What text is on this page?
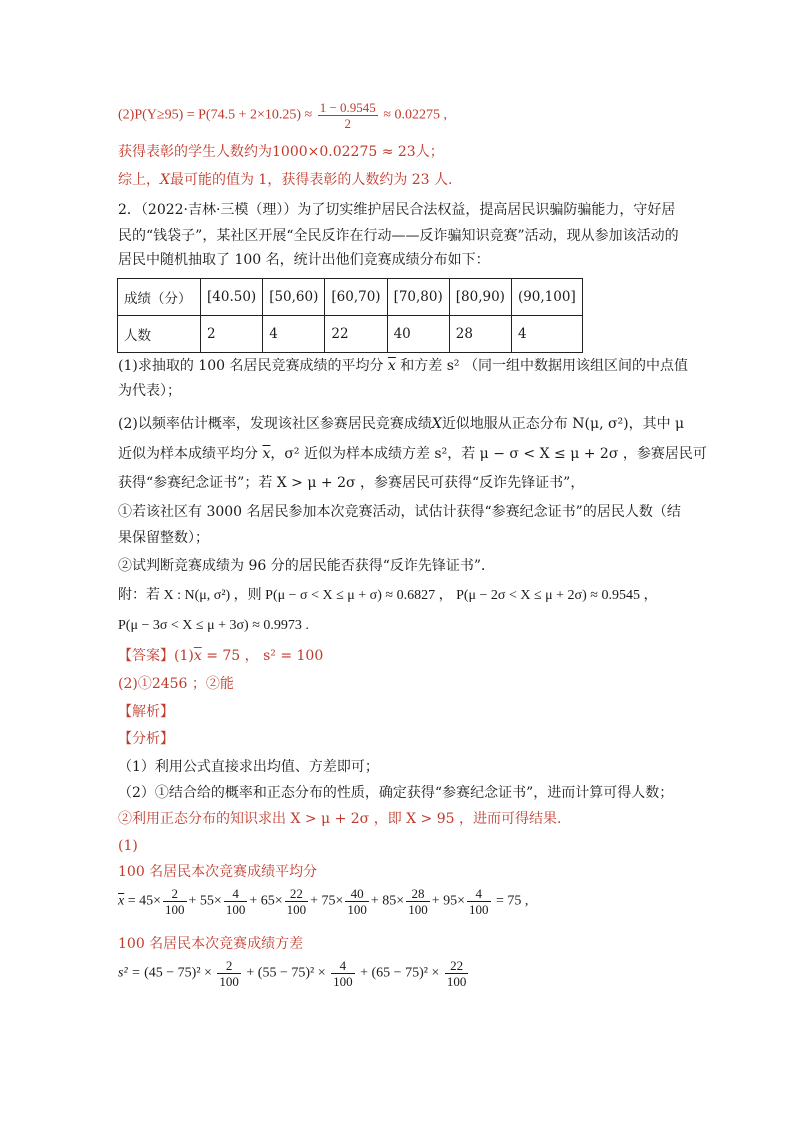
$(2)P(Y\ge 95) = P(74.5 + 2\times 10.25) \approx \frac{1 - 0.9545}{2} \approx 0.02275$ ,
获得表彰的学生人数约为1000×0.02275 ≈ 23人；
综上，X最可能的值为 1，获得表彰的人数约为 23 人.
2．（2022·吉林·三模（理））为了切实维护居民合法权益，提高居民识骗防骗能力，守好居
民的“钱袋子”，某社区开展“全民反诈在行动——反诈骗知识竞赛”活动，现从参加该活动的
居民中随机抽取了 100 名，统计出他们竞赛成绩分布如下：
成绩（分）	[40.50)	[50,60)	[60,70)	[70,80)	[80,90)	(90,100]
人数	2	4	22	40	28	4
(1)求抽取的 100 名居民竞赛成绩的平均分 $\overline{x}$ 和方差 s² （同一组中数据用该组区间的中点值
为代表）；
(2)以频率估计概率，发现该社区参赛居民竞赛成绩X近似地服从正态分布 N(μ, σ²)，其中 μ
近似为样本成绩平均分 $\overline{x}$，σ² 近似为样本成绩方差 s²，若 μ − σ < X ≤ μ + 2σ ，参赛居民可
获得“参赛纪念证书”；若 X > μ + 2σ ，参赛居民可获得“反诈先锋证书”，
①若该社区有 3000 名居民参加本次竞赛活动，试估计获得“参赛纪念证书”的居民人数（结
果保留整数）；
②试判断竞赛成绩为 96 分的居民能否获得“反诈先锋证书”．
附：若 X : N(μ, σ²) ，则 P(μ − σ < X ≤ μ + σ) ≈ 0.6827 ， P(μ − 2σ < X ≤ μ + 2σ) ≈ 0.9545 ，
P(μ − 3σ < X ≤ μ + 3σ) ≈ 0.9973 .
【答案】$(1)\overline{x} = 75$ ， s² = 100
(2)①2456 ；②能
【解析】
【分析】
（1）利用公式直接求出均值、方差即可；
（2）①结合给的概率和正态分布的性质，确定获得“参赛纪念证书”，进而计算可得人数；
②利用正态分布的知识求出 X > μ + 2σ ，即 X > 95 ，进而可得结果.
(1)
100 名居民本次竞赛成绩平均分
$\overline{x} = 45\times \frac{2}{100} + 55\times \frac{4}{100} + 65\times \frac{22}{100} + 75\times \frac{40}{100} + 85\times \frac{28}{100} + 95\times \frac{4}{100} = 75$ ,
100 名居民本次竞赛成绩方差
$s^2 = (45 - 75)^2 \times \frac{2}{100} + (55 - 75)^2 \times \frac{4}{100} + (65 - 75)^2 \times \frac{22}{100}$
